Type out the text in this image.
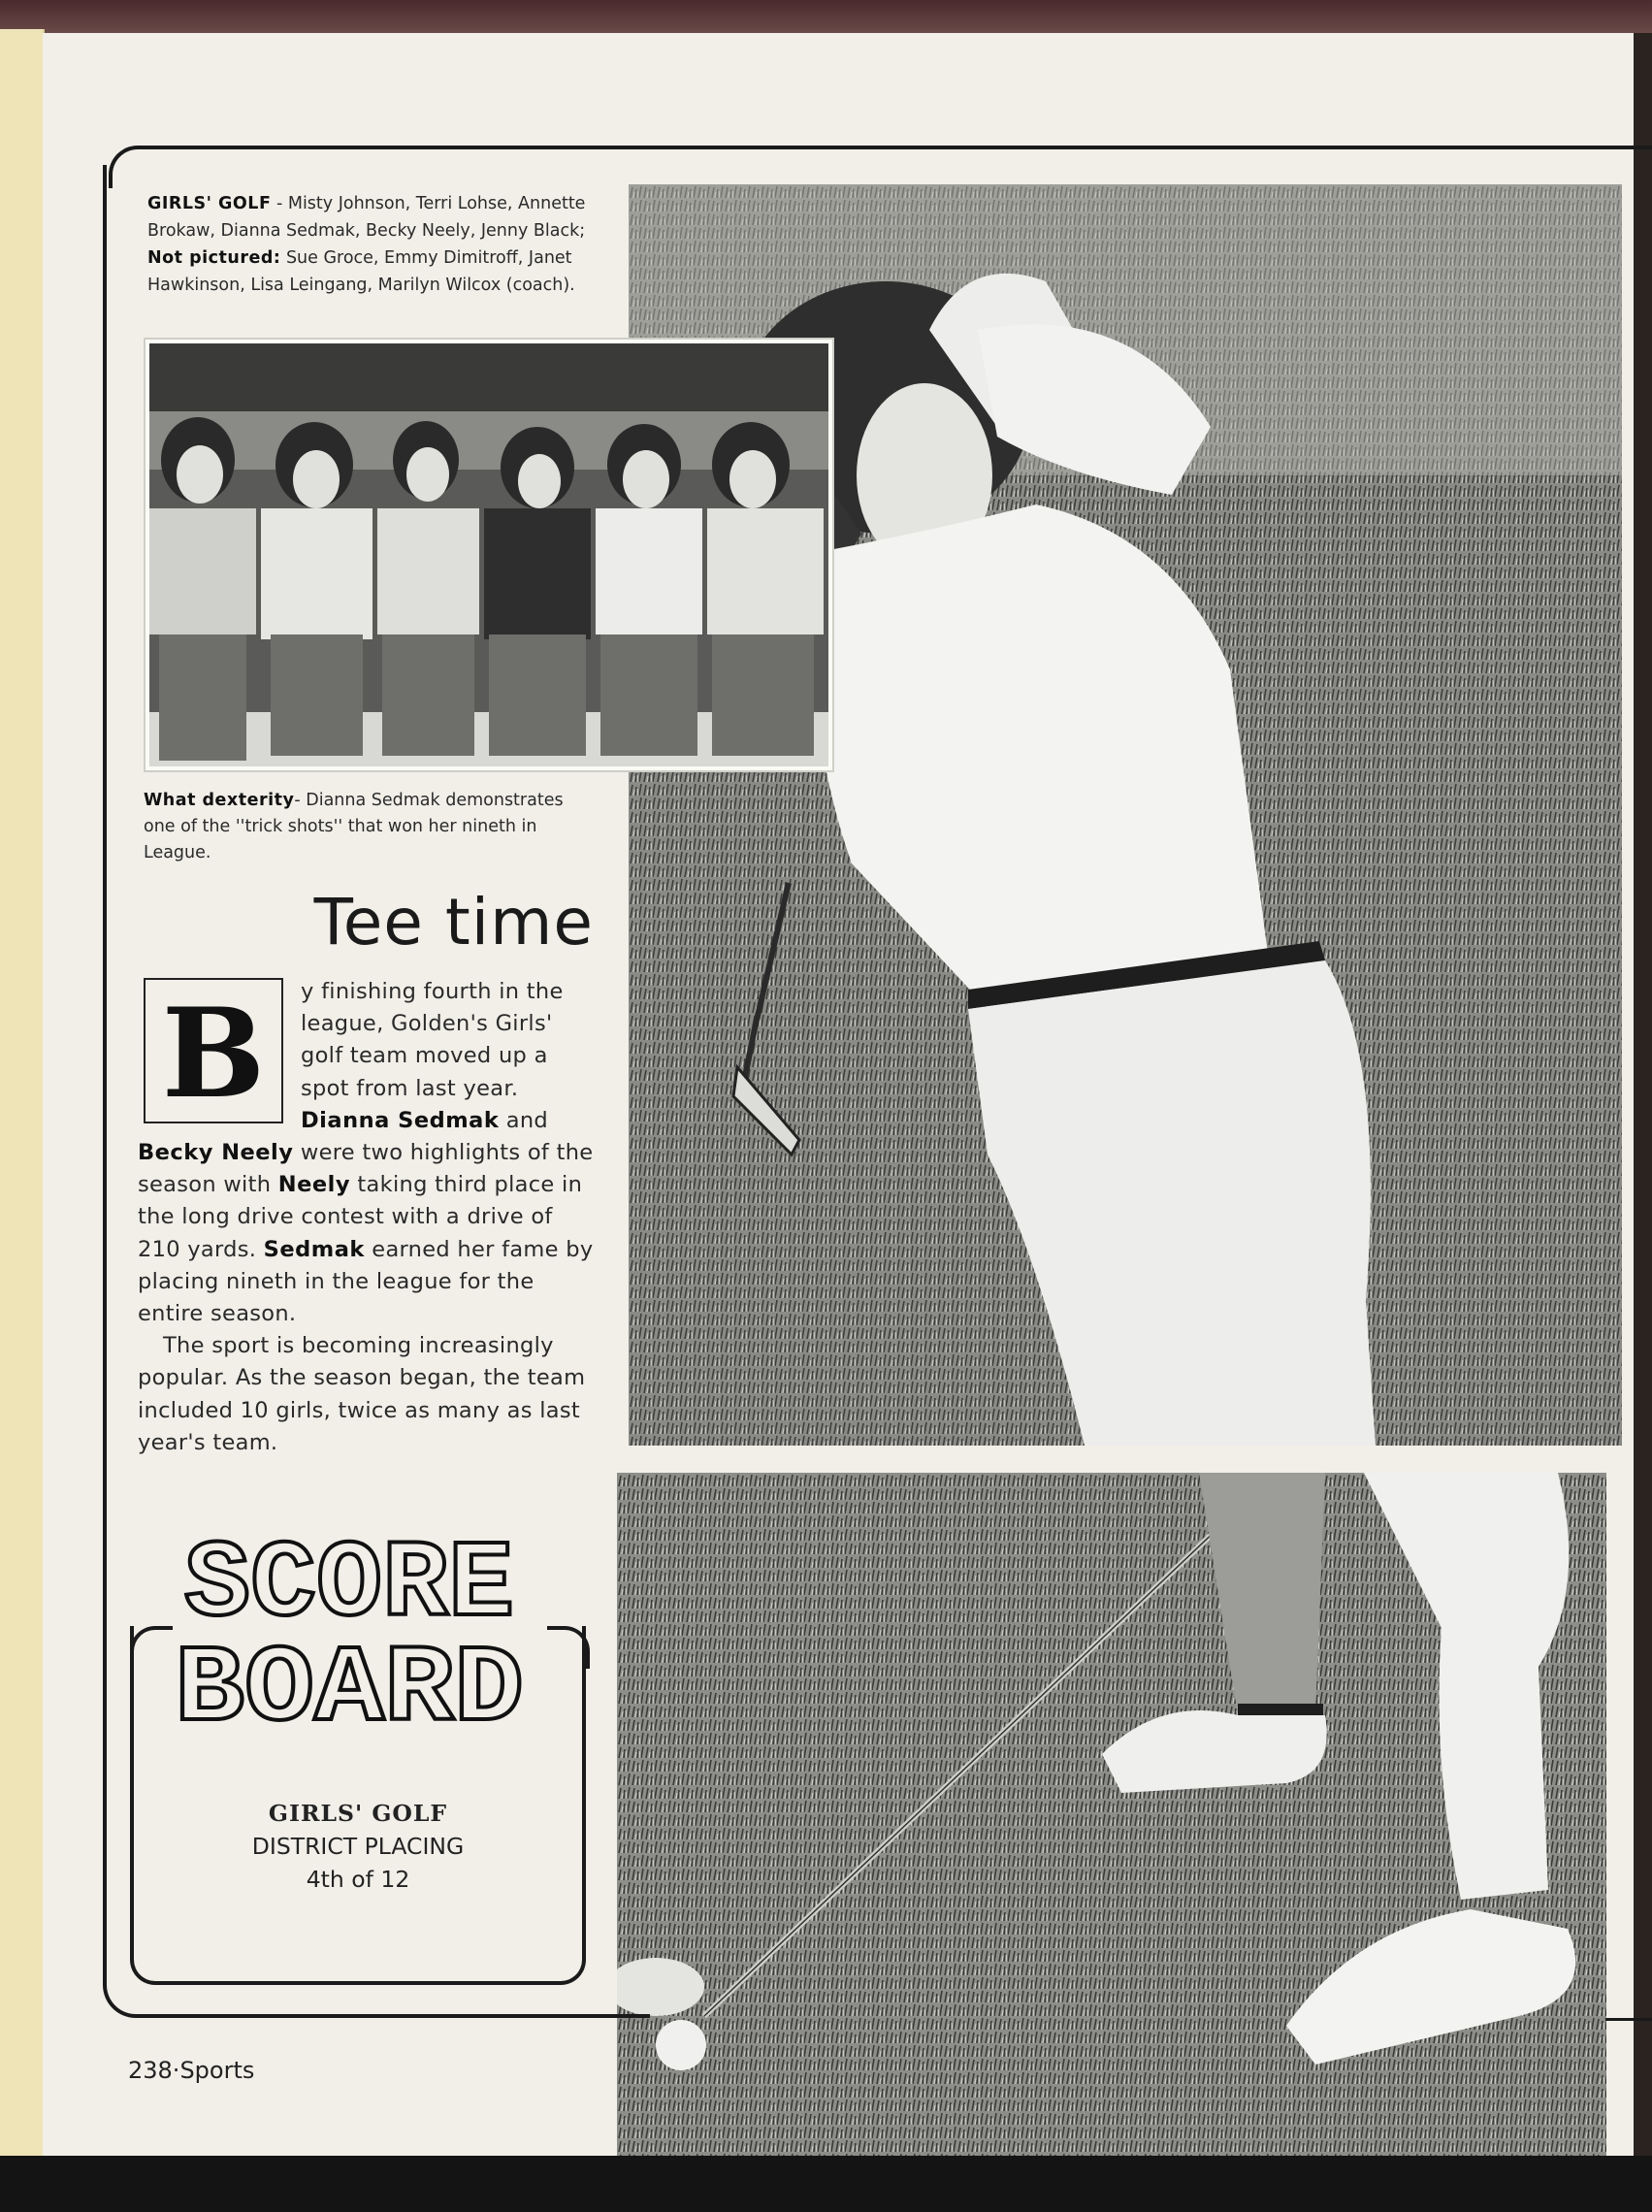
GIRLS' GOLF - Misty Johnson, Terri Lohse, Annette Brokaw, Dianna Sedmak, Becky Neely, Jenny Black; Not pictured: Sue Groce, Emmy Dimitroff, Janet Hawkinson, Lisa Leingang, Marilyn Wilcox (coach).
What dexterity- Dianna Sedmak demonstrates one of the ''trick shots'' that won her nineth in League.
Tee time
B	y finishing fourth in the league, Golden's Girls' golf team moved up a spot from last year. Dianna Sedmak and

Becky Neely were two highlights of the season with Neely taking third place in the long drive contest with a drive of 210 yards. Sedmak earned her fame by placing nineth in the league for the entire season.

The sport is becoming increasingly popular. As the season began, the team included 10 girls, twice as many as last year's team.

SCORE
BOARD
GIRLS' GOLF
DISTRICT PLACING
4th of 12
238·Sports
